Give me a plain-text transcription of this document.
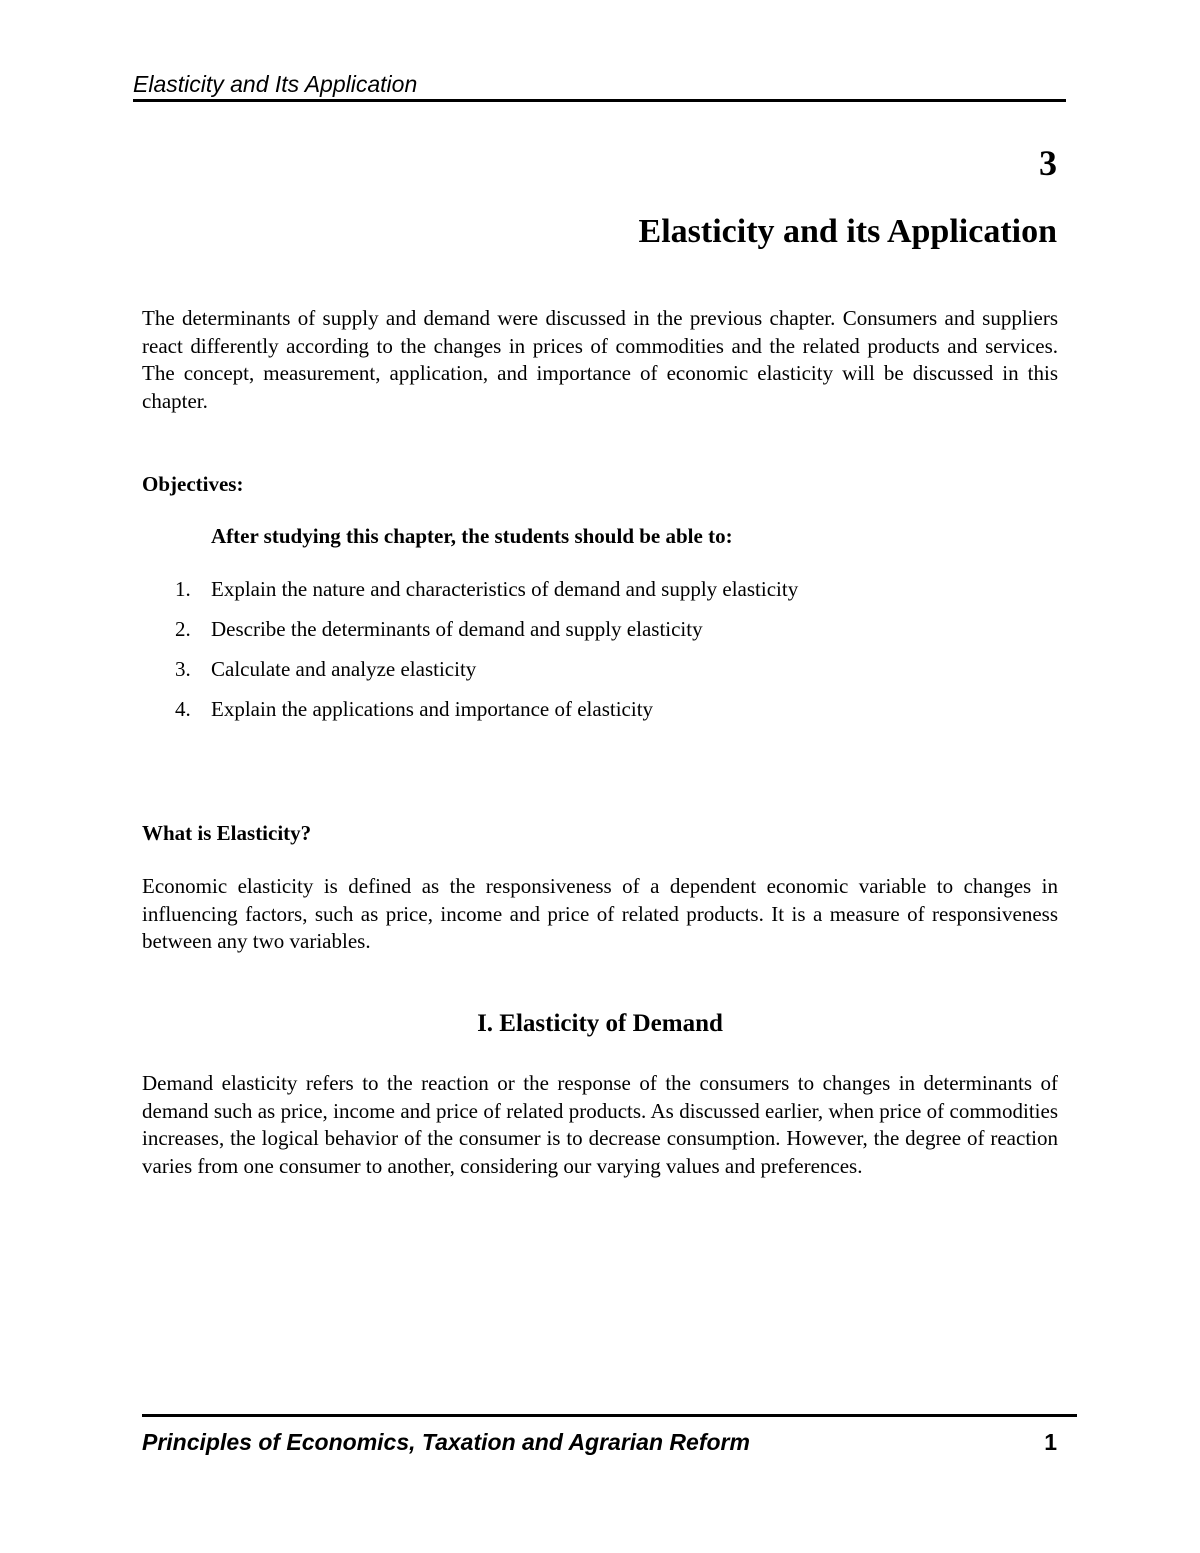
Elasticity and Its Application
3
Elasticity and its Application

The determinants of supply and demand were discussed in the previous chapter. Consumers and suppliers react differently according to the changes in prices of commodities and the related products and services. The concept, measurement, application, and importance of economic elasticity will be discussed in this chapter.

Objectives:
After studying this chapter, the students should be able to:
1. Explain the nature and characteristics of demand and supply elasticity
2. Describe the determinants of demand and supply elasticity
3. Calculate and analyze elasticity
4. Explain the applications and importance of elasticity
What is Elasticity?

Economic elasticity is defined as the responsiveness of a dependent economic variable to changes in influencing factors, such as price, income and price of related products. It is a measure of responsiveness between any two variables.

I. Elasticity of Demand

Demand elasticity refers to the reaction or the response of the consumers to changes in determinants of demand such as price, income and price of related products. As discussed earlier, when price of commodities increases, the logical behavior of the consumer is to decrease consumption. However, the degree of reaction varies from one consumer to another, considering our varying values and preferences.

Principles of Economics, Taxation and Agrarian Reform	1
